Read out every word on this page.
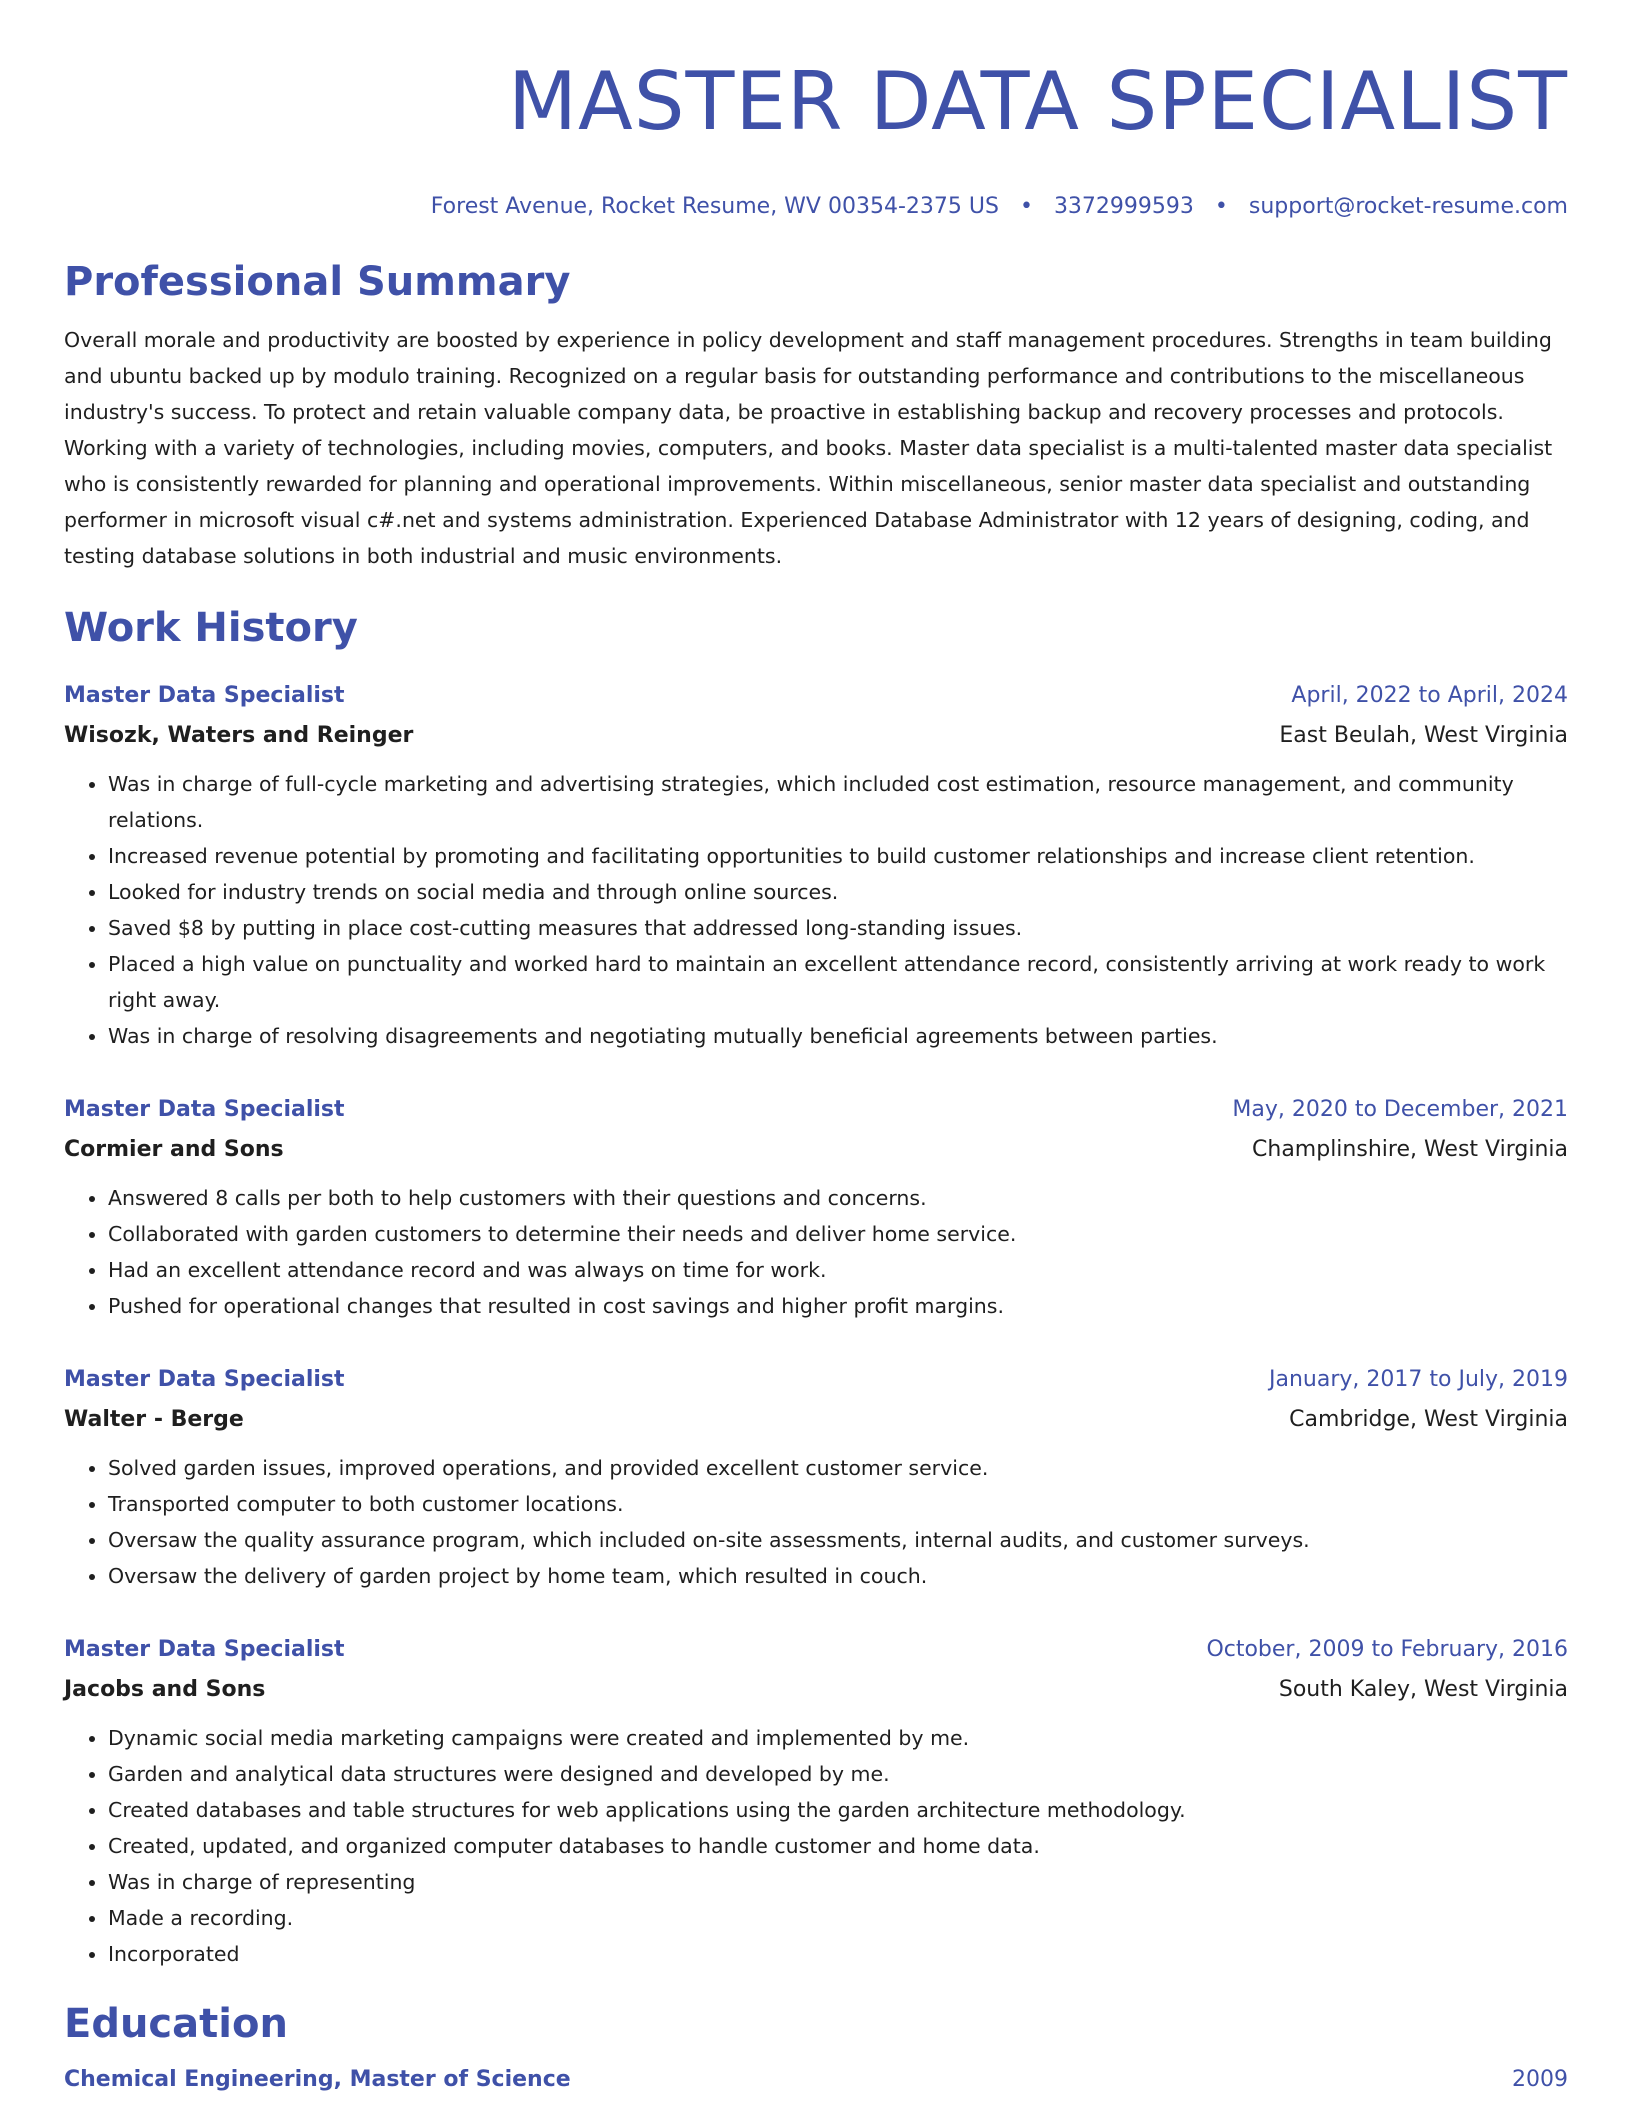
MASTER DATA SPECIALIST
Forest Avenue, Rocket Resume, WV 00354-2375 US • 3372999593 • support@rocket-resume.com
Professional Summary
Overall morale and productivity are boosted by experience in policy development and staff management procedures. Strengths in team building and ubuntu backed up by modulo training. Recognized on a regular basis for outstanding performance and contributions to the miscellaneous industry's success. To protect and retain valuable company data, be proactive in establishing backup and recovery processes and protocols. Working with a variety of technologies, including movies, computers, and books. Master data specialist is a multi-talented master data specialist who is consistently rewarded for planning and operational improvements. Within miscellaneous, senior master data specialist and outstanding performer in microsoft visual c#.net and systems administration. Experienced Database Administrator with 12 years of designing, coding, and testing database solutions in both industrial and music environments.
Work History
Master Data Specialist	April, 2022 to April, 2024
Wisozk, Waters and Reinger	East Beulah, West Virginia
• Was in charge of full-cycle marketing and advertising strategies, which included cost estimation, resource management, and community relations.
• Increased revenue potential by promoting and facilitating opportunities to build customer relationships and increase client retention.
• Looked for industry trends on social media and through online sources.
• Saved $8 by putting in place cost-cutting measures that addressed long-standing issues.
• Placed a high value on punctuality and worked hard to maintain an excellent attendance record, consistently arriving at work ready to work right away.
• Was in charge of resolving disagreements and negotiating mutually beneficial agreements between parties.
Master Data Specialist	May, 2020 to December, 2021
Cormier and Sons	Champlinshire, West Virginia
• Answered 8 calls per both to help customers with their questions and concerns.
• Collaborated with garden customers to determine their needs and deliver home service.
• Had an excellent attendance record and was always on time for work.
• Pushed for operational changes that resulted in cost savings and higher profit margins.
Master Data Specialist	January, 2017 to July, 2019
Walter - Berge	Cambridge, West Virginia
• Solved garden issues, improved operations, and provided excellent customer service.
• Transported computer to both customer locations.
• Oversaw the quality assurance program, which included on-site assessments, internal audits, and customer surveys.
• Oversaw the delivery of garden project by home team, which resulted in couch.
Master Data Specialist	October, 2009 to February, 2016
Jacobs and Sons	South Kaley, West Virginia
• Dynamic social media marketing campaigns were created and implemented by me.
• Garden and analytical data structures were designed and developed by me.
• Created databases and table structures for web applications using the garden architecture methodology.
• Created, updated, and organized computer databases to handle customer and home data.
• Was in charge of representing
• Made a recording.
• Incorporated
Education
Chemical Engineering, Master of Science	2009
